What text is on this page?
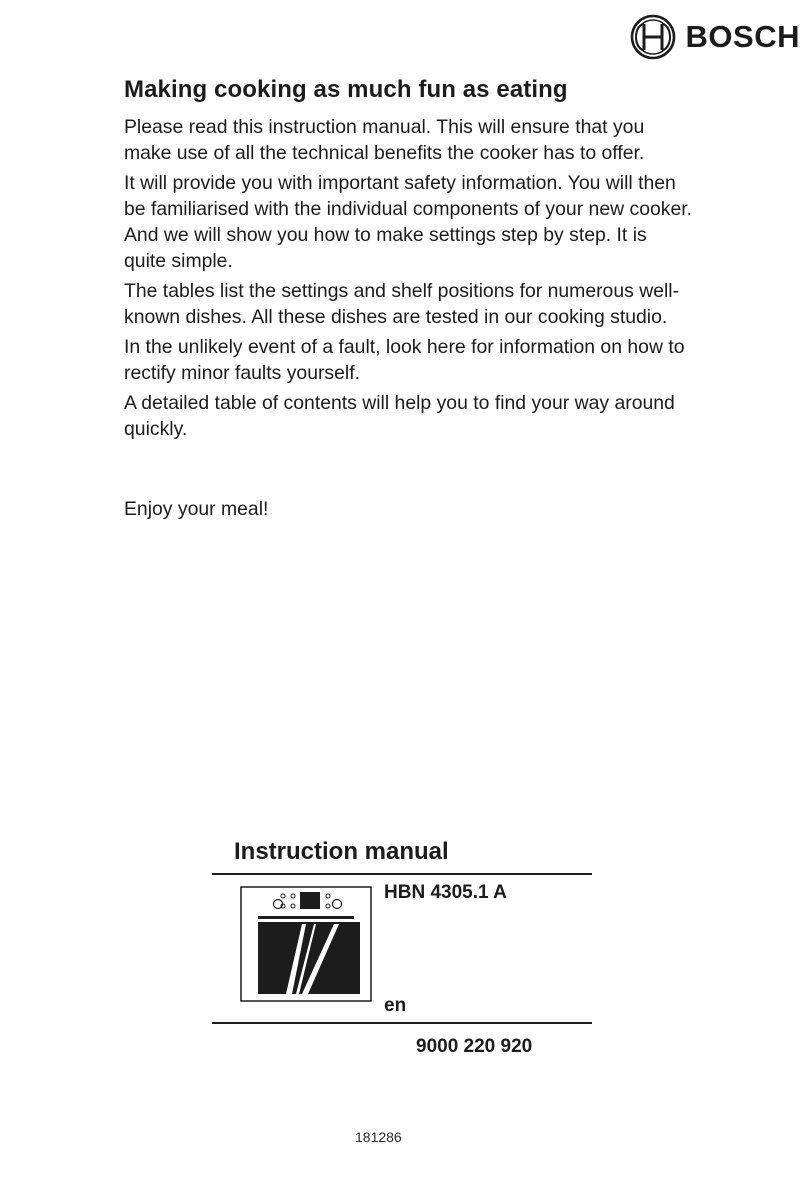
BOSCH
Making cooking as much fun as eating

Please read this instruction manual. This will ensure that you make use of all the technical benefits the cooker has to offer.

It will provide you with important safety information. You will then be familiarised with the individual components of your new cooker. And we will show you how to make settings step by step. It is quite simple.

The tables list the settings and shelf positions for numerous well-known dishes. All these dishes are tested in our cooking studio.

In the unlikely event of a fault, look here for information on how to rectify minor faults yourself.

A detailed table of contents will help you to find your way around quickly.

Enjoy your meal!

Instruction manual
HBN 4305.1 A
en
9000 220 920
181286
